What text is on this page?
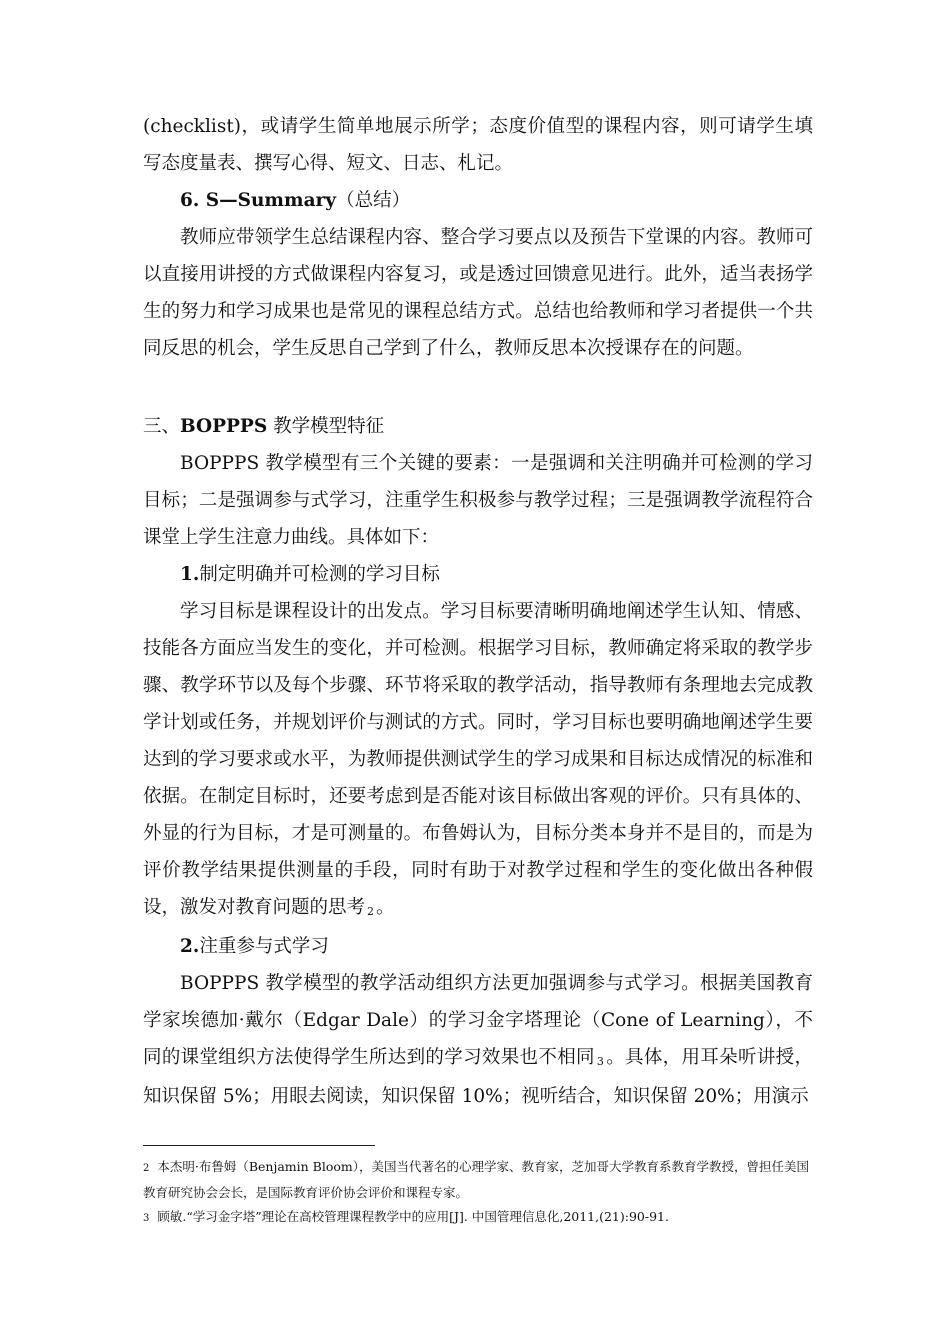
(checklist)，或请学生简单地展示所学；态度价值型的课程内容，则可请学生填写态度量表、撰写心得、短文、日志、札记。

6. S—Summary（总结）

教师应带领学生总结课程内容、整合学习要点以及预告下堂课的内容。教师可以直接用讲授的方式做课程内容复习，或是透过回馈意见进行。此外，适当表扬学生的努力和学习成果也是常见的课程总结方式。总结也给教师和学习者提供一个共同反思的机会，学生反思自己学到了什么，教师反思本次授课存在的问题。

三、BOPPPS 教学模型特征

BOPPPS 教学模型有三个关键的要素：一是强调和关注明确并可检测的学习目标；二是强调参与式学习，注重学生积极参与教学过程；三是强调教学流程符合课堂上学生注意力曲线。具体如下：

1.制定明确并可检测的学习目标

学习目标是课程设计的出发点。学习目标要清晰明确地阐述学生认知、情感、技能各方面应当发生的变化，并可检测。根据学习目标，教师确定将采取的教学步骤、教学环节以及每个步骤、环节将采取的教学活动，指导教师有条理地去完成教学计划或任务，并规划评价与测试的方式。同时，学习目标也要明确地阐述学生要达到的学习要求或水平，为教师提供测试学生的学习成果和目标达成情况的标准和依据。在制定目标时，还要考虑到是否能对该目标做出客观的评价。只有具体的、外显的行为目标，才是可测量的。布鲁姆认为，目标分类本身并不是目的，而是为评价教学结果提供测量的手段，同时有助于对教学过程和学生的变化做出各种假设，激发对教育问题的思考 2 。

2.注重参与式学习

BOPPPS 教学模型的教学活动组织方法更加强调参与式学习。根据美国教育学家埃德加·戴尔（Edgar Dale）的学习金字塔理论（Cone of Learning），不同的课堂组织方法使得学生所达到的学习效果也不相同 3 。具体，用耳朵听讲授，知识保留 5%；用眼去阅读，知识保留 10%；视听结合，知识保留 20%；用演示

2 本杰明·布鲁姆（Benjamin Bloom），美国当代著名的心理学家、教育家，芝加哥大学教育系教育学教授，曾担任美国教育研究协会会长，是国际教育评价协会评价和课程专家。

3 顾敏.“学习金字塔”理论在高校管理课程教学中的应用[J]. 中国管理信息化,2011,(21):90-91.
